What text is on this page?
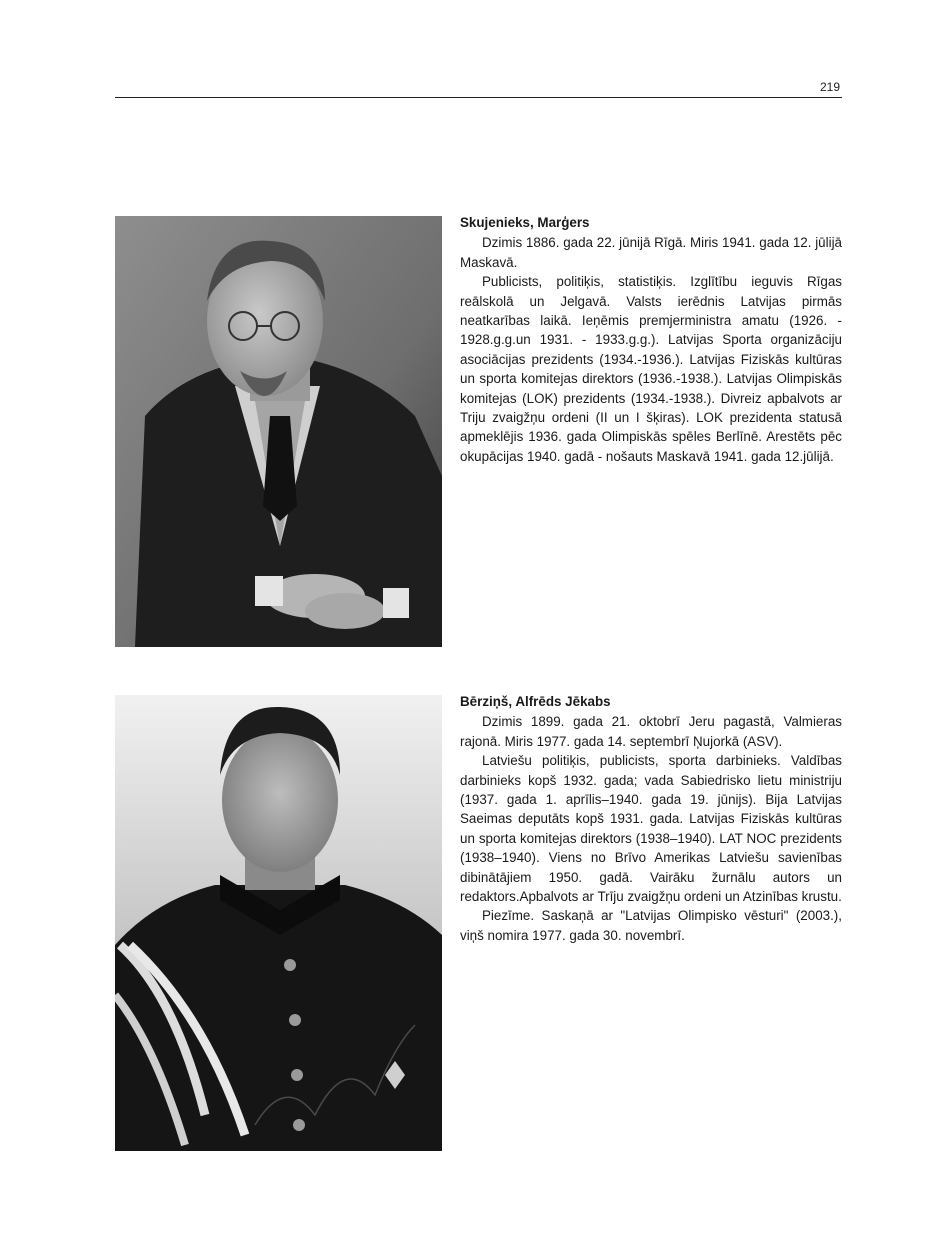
219
Skujenieks, Marģers

Dzimis 1886. gada 22. jūnijā Rīgā. Miris 1941. gada 12. jūlijā Maskavā.

Publicists, politiķis, statistiķis. Izglītību ieguvis Rīgas reālskolā un Jelgavā. Valsts ierēdnis Latvijas pirmās neatkarības laikā. Ieņēmis premjerministra amatu (1926. - 1928.g.g.un 1931. - 1933.g.g.). Latvijas Sporta organizāciju asociācijas prezidents (1934.-1936.). Latvijas Fiziskās kultūras un sporta komitejas direktors (1936.-1938.). Latvijas Olimpiskās komitejas (LOK) prezidents (1934.-1938.). Divreiz apbalvots ar Triju zvaigžņu ordeni (II un I šķiras). LOK prezidenta statusā apmeklējis 1936. gada Olimpiskās spēles Berlīnē. Arestēts pēc okupācijas 1940. gadā - nošauts Maskavā 1941. gada 12.jūlijā.

Bērziņš, Alfrēds Jēkabs

Dzimis 1899. gada 21. oktobrī Jeru pagastā, Valmieras rajonā. Miris 1977. gada 14. septembrī Ņujorkā (ASV).

Latviešu politiķis, publicists, sporta darbinieks. Valdības darbinieks kopš 1932. gada; vada Sabiedrisko lietu ministriju (1937. gada 1. aprīlis–1940. gada 19. jūnijs). Bija Latvijas Saeimas deputāts kopš 1931. gada. Latvijas Fiziskās kultūras un sporta komitejas direktors (1938–1940). LAT NOC prezidents (1938–1940). Viens no Brīvo Amerikas Latviešu savienības dibinātājiem 1950. gadā. Vairāku žurnālu autors un redaktors.Apbalvots ar Trīju zvaigžņu ordeni un Atzinības krustu.

Piezīme. Saskaņā ar "Latvijas Olimpisko vēsturi" (2003.), viņš nomira 1977. gada 30. novembrī.
